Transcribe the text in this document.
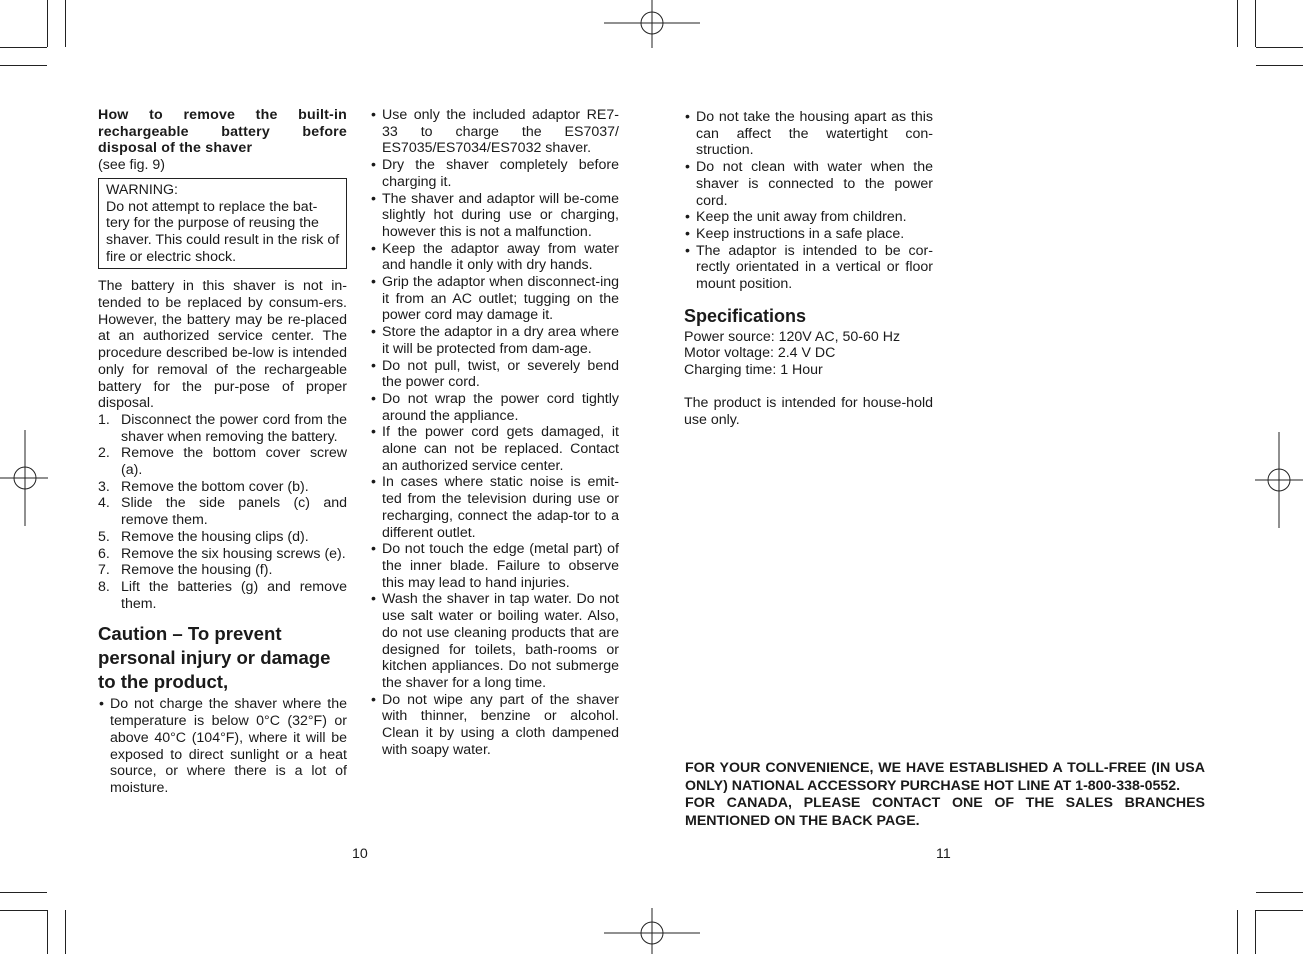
How to remove the built-in rechargeable battery before disposal of the shaver
(see fig. 9)
WARNING:
Do not attempt to replace the bat-tery for the purpose of reusing the shaver. This could result in the risk of fire or electric shock.
The battery in this shaver is not in-tended to be replaced by consum-ers. However, the battery may be re-placed at an authorized service center. The procedure described be-low is intended only for removal of the rechargeable battery for the pur-pose of proper disposal.
1. Disconnect the power cord from the shaver when removing the battery.
2. Remove the bottom cover screw (a).
3. Remove the bottom cover (b).
4. Slide the side panels (c) and remove them.
5. Remove the housing clips (d).
6. Remove the six housing screws (e).
7. Remove the housing (f).
8. Lift the batteries (g) and remove them.
Caution – To prevent personal injury or damage to the product,
• Do not charge the shaver where the temperature is below 0°C (32°F) or above 40°C (104°F), where it will be exposed to direct sunlight or a heat source, or where there is a lot of moisture.
• Use only the included adaptor RE7-33 to charge the ES7037/ ES7035/ES7034/ES7032 shaver.
• Dry the shaver completely before charging it.
• The shaver and adaptor will be-come slightly hot during use or charging, however this is not a malfunction.
• Keep the adaptor away from water and handle it only with dry hands.
• Grip the adaptor when disconnect-ing it from an AC outlet; tugging on the power cord may damage it.
• Store the adaptor in a dry area where it will be protected from dam-age.
• Do not pull, twist, or severely bend the power cord.
• Do not wrap the power cord tightly around the appliance.
• If the power cord gets damaged, it alone can not be replaced. Contact an authorized service center.
• In cases where static noise is emit-ted from the television during use or recharging, connect the adap-tor to a different outlet.
• Do not touch the edge (metal part) of the inner blade. Failure to observe this may lead to hand injuries.
• Wash the shaver in tap water. Do not use salt water or boiling water. Also, do not use cleaning products that are designed for toilets, bath-rooms or kitchen appliances. Do not submerge the shaver for a long time.
• Do not wipe any part of the shaver with thinner, benzine or alcohol. Clean it by using a cloth dampened with soapy water.
• Do not take the housing apart as this can affect the watertight con-struction.
• Do not clean with water when the shaver is connected to the power cord.
• Keep the unit away from children.
• Keep instructions in a safe place.
• The adaptor is intended to be cor-rectly orientated in a vertical or floor mount position.
Specifications
Power source: 120V AC, 50-60 Hz
Motor voltage: 2.4 V DC
Charging time: 1 Hour
The product is intended for house-hold use only.
FOR YOUR CONVENIENCE, WE HAVE ESTABLISHED A TOLL-FREE (IN USA ONLY) NATIONAL ACCESSORY PURCHASE HOT LINE AT 1-800-338-0552.
FOR CANADA, PLEASE CONTACT ONE OF THE SALES BRANCHES MENTIONED ON THE BACK PAGE.
10	11
